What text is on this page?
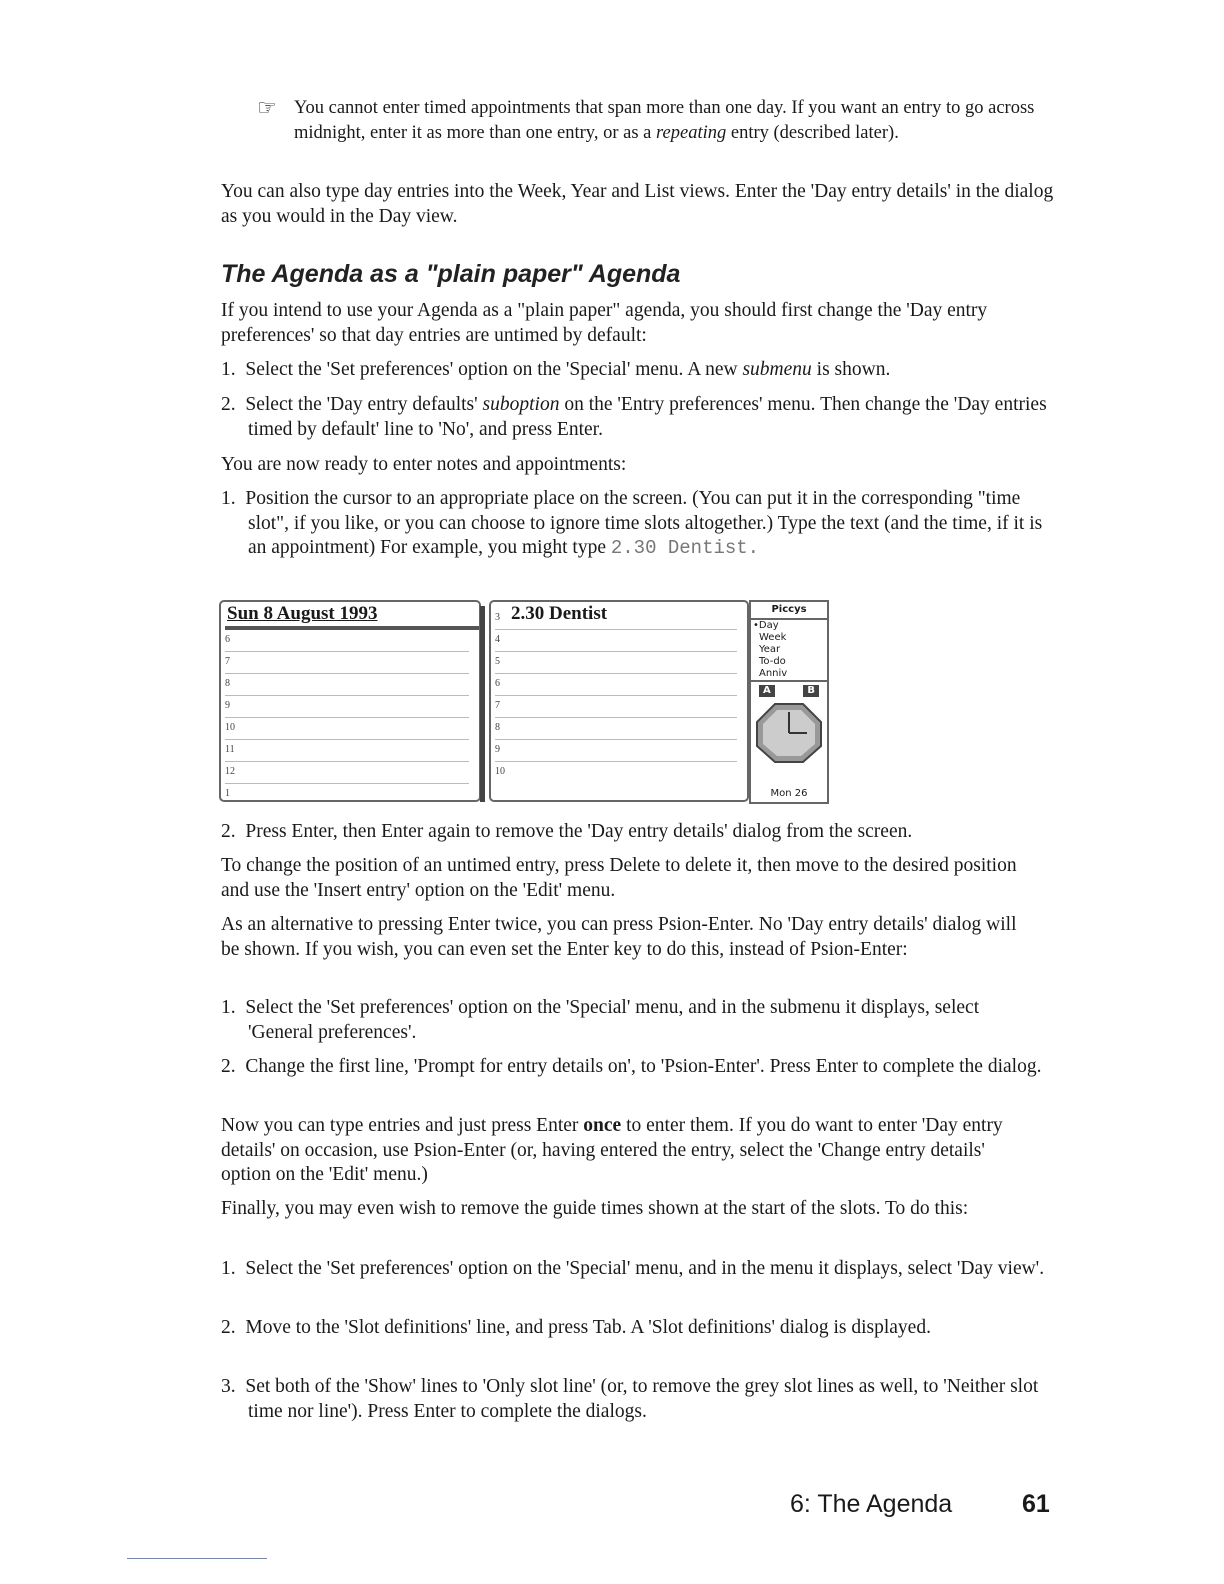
☞ You cannot enter timed appointments that span more than one day. If you want an entry to go across midnight, enter it as more than one entry, or as a repeating entry (described later).
You can also type day entries into the Week, Year and List views. Enter the 'Day entry details' in the dialog as you would in the Day view.
The Agenda as a "plain paper" Agenda
If you intend to use your Agenda as a "plain paper" agenda, you should first change the 'Day entry preferences' so that day entries are untimed by default:
1. Select the 'Set preferences' option on the 'Special' menu. A new submenu is shown.
2. Select the 'Day entry defaults' suboption on the 'Entry preferences' menu. Then change the 'Day entries timed by default' line to 'No', and press Enter.
You are now ready to enter notes and appointments:
1. Position the cursor to an appropriate place on the screen. (You can put it in the corresponding "time slot", if you like, or you can choose to ignore time slots altogether.) Type the text (and the time, if it is an appointment) For example, you might type 2.30 Dentist.
Sun 8 August 1993
6
7
8
9
10
11
12
1
2.30 Dentist
3
4
5
6
7
8
9
10
Piccys
•Day
Week
Year
To-do
Anniv
A	B
Mon 26
2. Press Enter, then Enter again to remove the 'Day entry details' dialog from the screen.
To change the position of an untimed entry, press Delete to delete it, then move to the desired position and use the 'Insert entry' option on the 'Edit' menu.
As an alternative to pressing Enter twice, you can press Psion-Enter. No 'Day entry details' dialog will be shown. If you wish, you can even set the Enter key to do this, instead of Psion-Enter:
1. Select the 'Set preferences' option on the 'Special' menu, and in the submenu it displays, select 'General preferences'.
2. Change the first line, 'Prompt for entry details on', to 'Psion-Enter'. Press Enter to complete the dialog.
Now you can type entries and just press Enter once to enter them. If you do want to enter 'Day entry details' on occasion, use Psion-Enter (or, having entered the entry, select the 'Change entry details' option on the 'Edit' menu.)
Finally, you may even wish to remove the guide times shown at the start of the slots. To do this:
1. Select the 'Set preferences' option on the 'Special' menu, and in the menu it displays, select 'Day view'.
2. Move to the 'Slot definitions' line, and press Tab. A 'Slot definitions' dialog is displayed.
3. Set both of the 'Show' lines to 'Only slot line' (or, to remove the grey slot lines as well, to 'Neither slot time nor line'). Press Enter to complete the dialogs.
6: The Agenda	61
